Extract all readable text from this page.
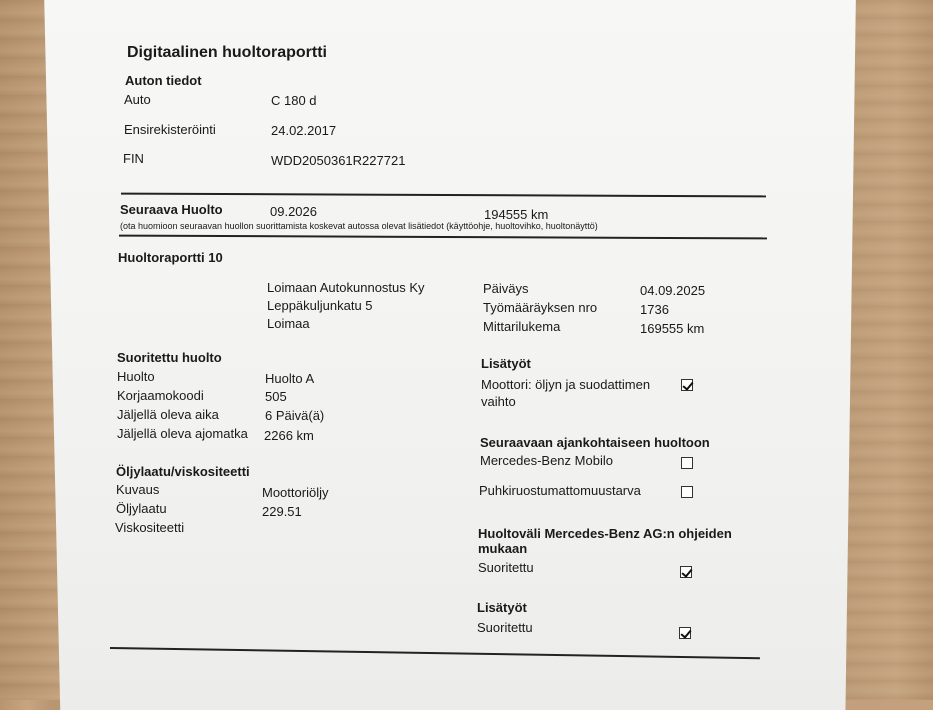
Digitaalinen huoltoraportti
Auton tiedot
Auto	C 180 d
Ensirekisteröinti	24.02.2017
FIN	WDD2050361R227721
Seuraava Huolto	09.2026	194555 km
(ota huomioon seuraavan huollon suorittamista koskevat autossa olevat lisätiedot (käyttöohje, huoltovihko, huoltonäyttö)
Huoltoraportti 10
Loimaan Autokunnostus Ky
Leppäkuljunkatu 5
Loimaa
Päiväys	04.09.2025
Työmääräyksen nro	1736
Mittarilukema	169555 km
Suoritettu huolto
Huolto	Huolto A
Korjaamokoodi	505
Jäljellä oleva aika	6 Päivä(ä)
Jäljellä oleva ajomatka 2266 km
Öljylaatu/viskositeetti
Kuvaus	Moottoriöljy
Öljylaatu	229.51
Viskositeetti
Lisätyöt
Moottori: öljyn ja suodattimen
vaihto
Seuraavaan ajankohtaiseen huoltoon
Mercedes-Benz Mobilo
Puhkiruostumattomuustarva
Huoltoväli Mercedes-Benz AG:n ohjeiden
mukaan
Suoritettu
Lisätyöt
Suoritettu
